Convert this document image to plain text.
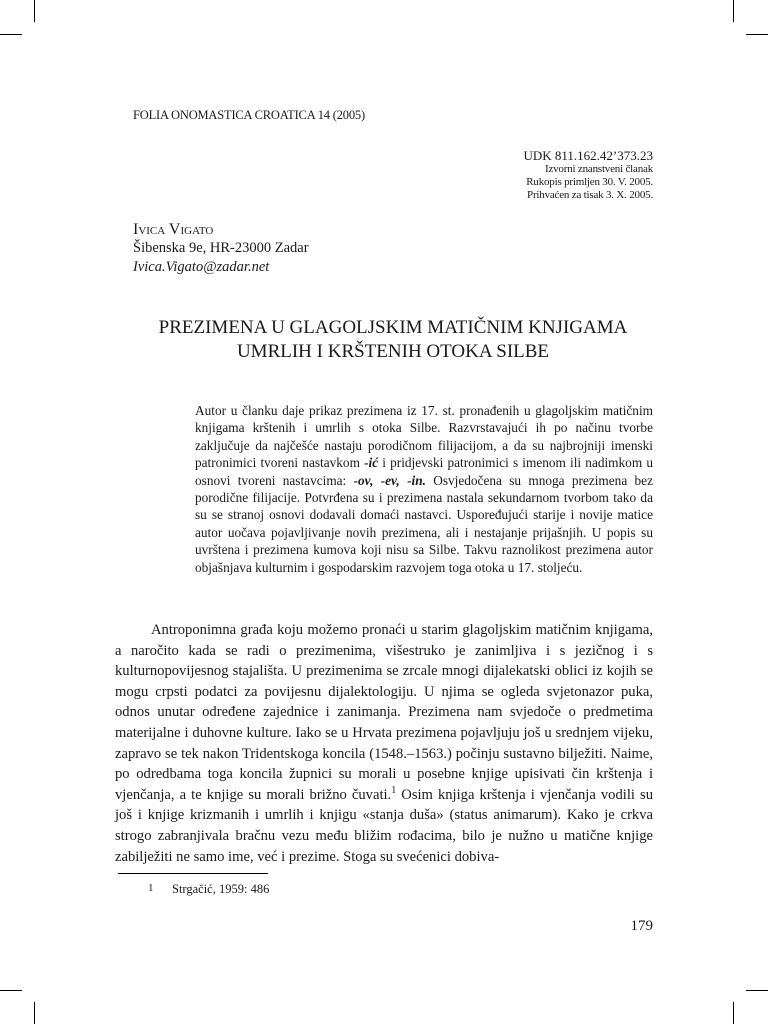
FOLIA ONOMASTICA CROATICA 14 (2005)
UDK 811.162.42’373.23
Izvorni znanstveni članak
Rukopis primljen 30. V. 2005.
Prihvaćen za tisak 3. X. 2005.
Ivica Vigato
Šibenska 9e, HR-23000 Zadar
Ivica.Vigato@zadar.net
PREZIMENA U GLAGOLJSKIM MATIČNIM KNJIGAMA
UMRLIH I KRŠTENIH OTOKA SILBE
Autor u članku daje prikaz prezimena iz 17. st. pronađenih u glagoljskim matičnim knjigama krštenih i umrlih s otoka Silbe. Razvrstavajući ih po načinu tvorbe zaključuje da najčešće nastaju porodičnom filijacijom, a da su najbrojniji imenski patronimici tvoreni nastavkom -ić i pridjevski patronimici s imenom ili nadimkom u osnovi tvoreni nastavcima: -ov, -ev, -in. Osvjedočena su mnoga prezimena bez porodične filijacije. Potvrđena su i prezimena nastala sekundarnom tvorbom tako da su se stranoj osnovi dodavali domaći nastavci. Uspoređujući starije i novije matice autor uočava pojavljivanje novih prezimena, ali i nestajanje prijašnjih. U popis su uvrštena i prezimena kumova koji nisu sa Silbe. Takvu raznolikost prezimena autor objašnjava kulturnim i gospodarskim razvojem toga otoka u 17. stoljeću.

Antroponimna građa koju možemo pronaći u starim glagoljskim matičnim knjigama, a naročito kada se radi o prezimenima, višestruko je zanimljiva i s jezičnog i s kulturnopovijesnog stajališta. U prezimenima se zrcale mnogi dijalekatski oblici iz kojih se mogu crpsti podatci za povijesnu dijalektologiju. U njima se ogleda svjetonazor puka, odnos unutar određene zajednice i zanimanja. Prezimena nam svjedoče o predmetima materijalne i duhovne kulture. Iako se u Hrvata prezimena pojavljuju još u srednjem vijeku, zapravo se tek nakon Tridentskoga koncila (1548.–1563.) počinju sustavno bilježiti. Naime, po odredbama toga koncila župnici su morali u posebne knjige upisivati čin krštenja i vjenčanja, a te knjige su morali brižno čuvati.$^1$ Osim knjiga krštenja i vjenčanja vodili su još i knjige krizmanih i umrlih i knjigu «stanja duša» (status animarum). Kako je crkva strogo zabranjivala bračnu vezu među bližim rođacima, bilo je nužno u matične knjige zabilježiti ne samo ime, već i prezime. Stoga su svećenici dobiva-

1 Strgačić, 1959: 486
179
